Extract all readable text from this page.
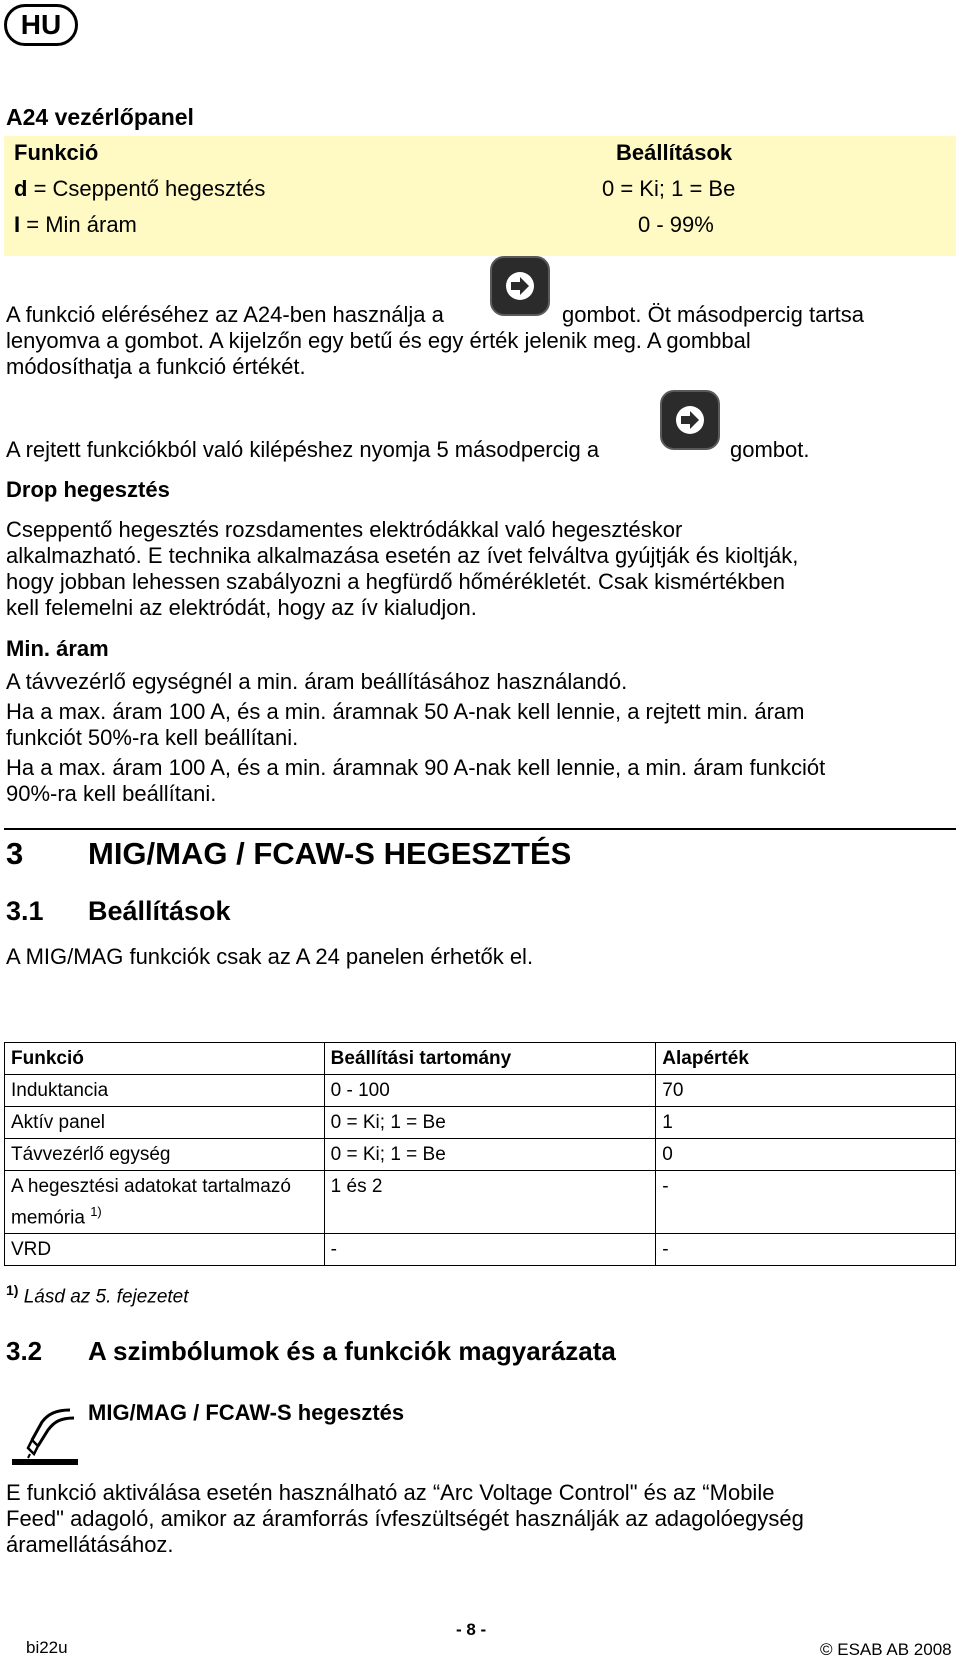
HU
A24 vezérlőpanel
Funkció	Beállítások
d = Cseppentő hegesztés	0 = Ki; 1 = Be
I = Min áram	0 - 99%
A funkció eléréséhez az A24-ben használja a	gombot. Öt másodpercig tartsa
lenyomva a gombot. A kijelzőn egy betű és egy érték jelenik meg. A gombbal
módosíthatja a funkció értékét.
A rejtett funkciókból való kilépéshez nyomja 5 másodpercig a	gombot.
Drop hegesztés
Cseppentő hegesztés rozsdamentes elektródákkal való hegesztéskor
alkalmazható. E technika alkalmazása esetén az ívet felváltva gyújtják és kioltják,
hogy jobban lehessen szabályozni a hegfürdő hőmérékletét. Csak kismértékben
kell felemelni az elektródát, hogy az ív kialudjon.
Min. áram
A távvezérlő egységnél a min. áram beállításához használandó.
Ha a max. áram 100 A, és a min. áramnak 50 A-nak kell lennie, a rejtett min. áram
funkciót 50%-ra kell beállítani.
Ha a max. áram 100 A, és a min. áramnak 90 A-nak kell lennie, a min. áram funkciót
90%-ra kell beállítani.
3 MIG/MAG / FCAW-S HEGESZTÉS
3.1 Beállítások
A MIG/MAG funkciók csak az A 24 panelen érhetők el.
Funkció	Beállítási tartomány	Alapérték
Induktancia	0 - 100	70
Aktív panel	0 = Ki; 1 = Be	1
Távvezérlő egység	0 = Ki; 1 = Be	0
A hegesztési adatokat tartalmazó
memória $^{1)}$	1 és 2	-
VRD	-	-
$^{1)}$ Lásd az 5. fejezetet
3.2 A szimbólumok és a funkciók magyarázata
MIG/MAG / FCAW-S hegesztés
E funkció aktiválása esetén használható az “Arc Voltage Control" és az “Mobile
Feed" adagoló, amikor az áramforrás ívfeszültségét használják az adagolóegység
áramellátásához.
bi22u
- 8 -
© ESAB AB 2008
